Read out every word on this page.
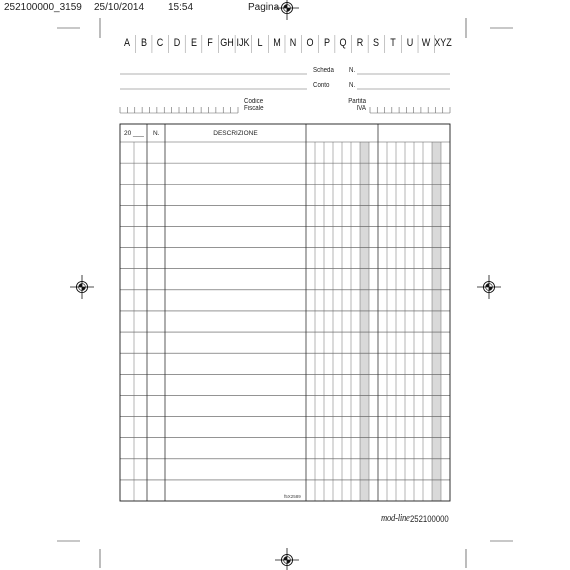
252100000_3159 25/10/2014 15:54	Pagina
A B C D E F GH IJK L M N O P Q R S T U W XYZ
Scheda N.
Conto	N.
Codice
Fiscale
Partita
IVA
20 ___ N.	DESCRIZIONE
f5X2589
mod-line 252100000
